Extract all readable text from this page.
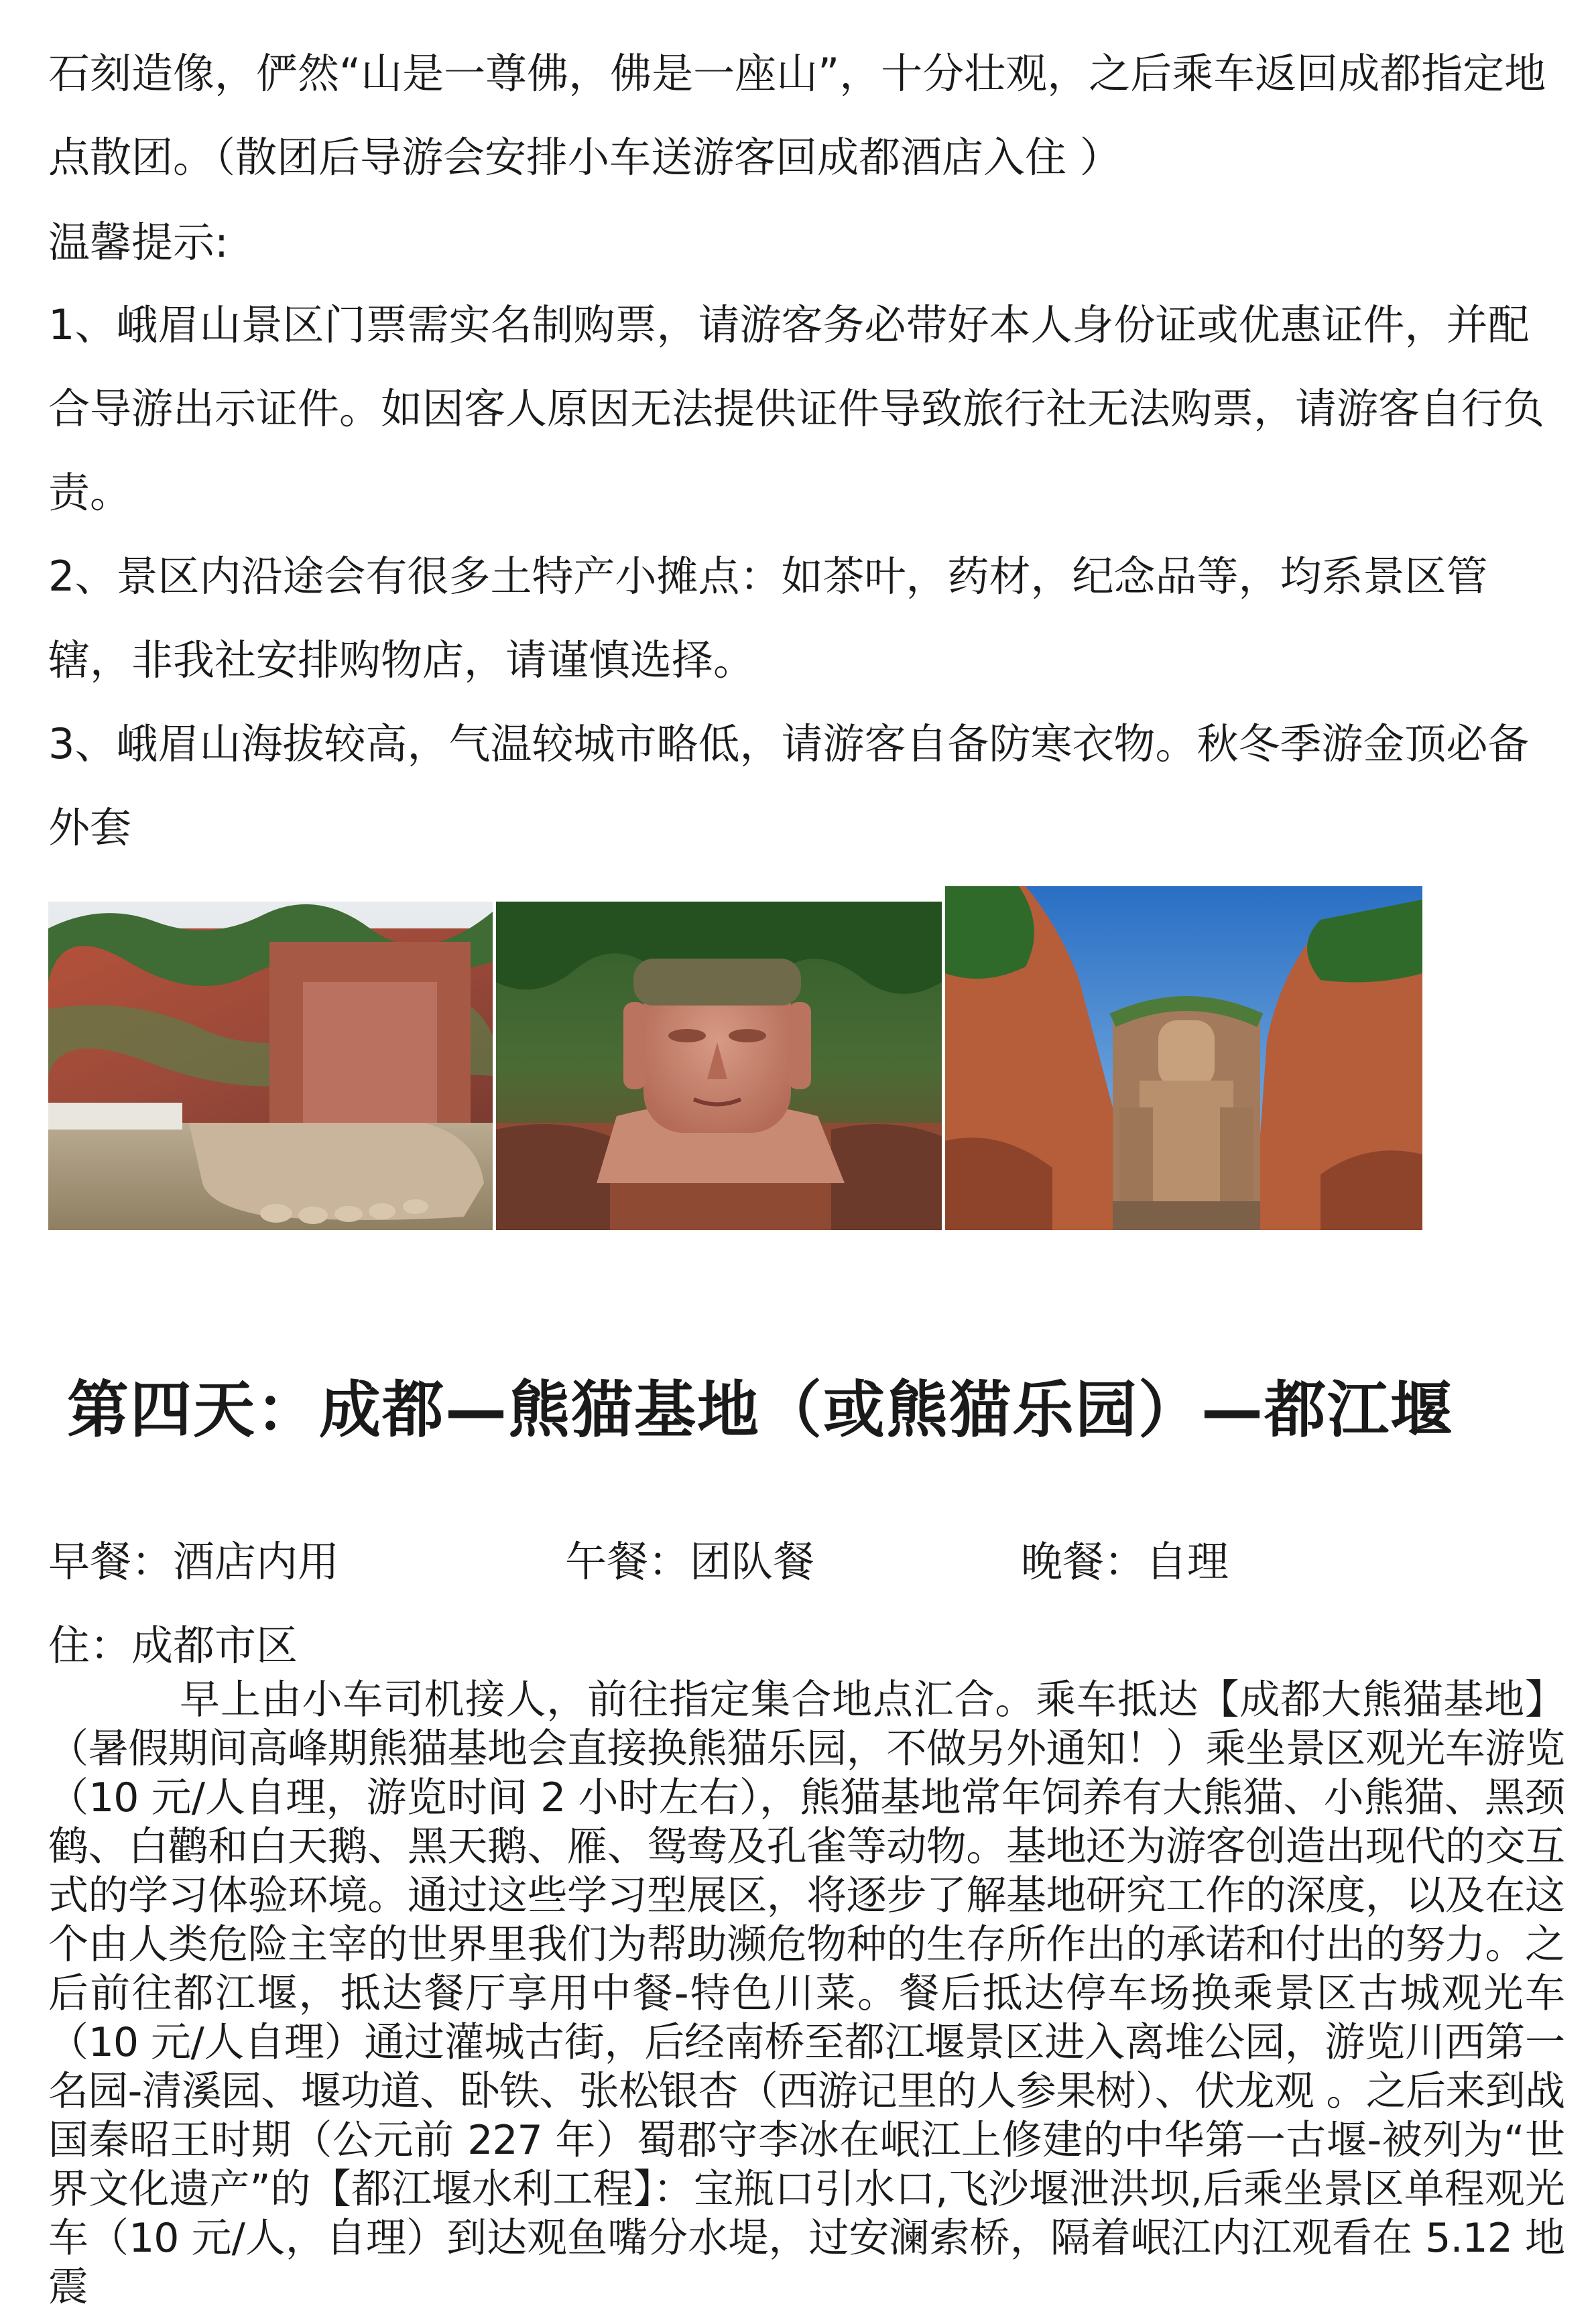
石刻造像，俨然“山是一尊佛，佛是一座山”，十分壮观，之后乘车返回成都指定地点散团。（散团后导游会安排小车送游客回成都酒店入住 ）
温馨提示:
1、峨眉山景区门票需实名制购票，请游客务必带好本人身份证或优惠证件，并配合导游出示证件。如因客人原因无法提供证件导致旅行社无法购票，请游客自行负责。
2、景区内沿途会有很多土特产小摊点：如茶叶，药材，纪念品等，均系景区管辖，非我社安排购物店，请谨慎选择。
3、峨眉山海拔较高，气温较城市略低，请游客自备防寒衣物。秋冬季游金顶必备外套
第四天：成都—熊猫基地（或熊猫乐园）—都江堰
早餐：酒店内用	午餐：团队餐	晚餐：自理
住：成都市区
早上由小车司机接人，前往指定集合地点汇合。乘车抵达【成都大熊猫基地】（暑假期间高峰期熊猫基地会直接换熊猫乐园，不做另外通知！）乘坐景区观光车游览（10 元/人自理，游览时间 2 小时左右），熊猫基地常年饲养有大熊猫、小熊猫、黑颈鹤、白鹳和白天鹅、黑天鹅、雁、鸳鸯及孔雀等动物。基地还为游客创造出现代的交互式的学习体验环境。通过这些学习型展区，将逐步了解基地研究工作的深度，以及在这个由人类危险主宰的世界里我们为帮助濒危物种的生存所作出的承诺和付出的努力。之后前往都江堰，抵达餐厅享用中餐-特色川菜。餐后抵达停车场换乘景区古城观光车（10 元/人自理）通过灌城古街，后经南桥至都江堰景区进入离堆公园，游览川西第一名园-清溪园、堰功道、卧铁、张松银杏（西游记里的人参果树）、伏龙观 。之后来到战国秦昭王时期（公元前 227 年）蜀郡守李冰在岷江上修建的中华第一古堰-被列为“世界文化遗产”的【都江堰水利工程】：宝瓶口引水口,飞沙堰泄洪坝,后乘坐景区单程观光车（10 元/人，自理）到达观鱼嘴分水堤，过安澜索桥，隔着岷江内江观看在 5.12 地震
